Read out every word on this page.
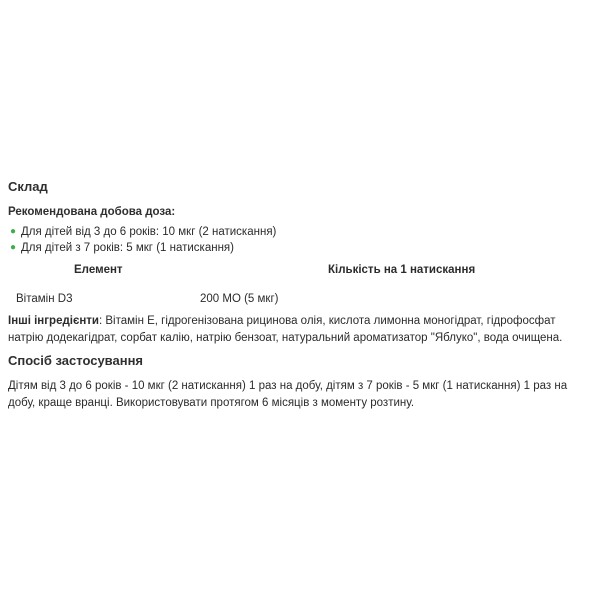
Склад
Рекомендована добова доза:
● Для дітей від 3 до 6 років: 10 мкг (2 натискання)
● Для дітей з 7 років: 5 мкг (1 натискання)
Елемент	Кількість на 1 натискання
Вітамін D3	200 МО (5 мкг)

Інші інгредієнти: Вітамін Е, гідрогенізована рицинова олія, кислота лимонна моногідрат, гідрофосфат натрію додекагідрат, сорбат калію, натрію бензоат, натуральний ароматизатор "Яблуко", вода очищена.

Спосіб застосування

Дітям від 3 до 6 років - 10 мкг (2 натискання) 1 раз на добу, дітям з 7 років - 5 мкг (1 натискання) 1 раз на добу, краще вранці. Використовувати протягом 6 місяців з моменту розтину.
